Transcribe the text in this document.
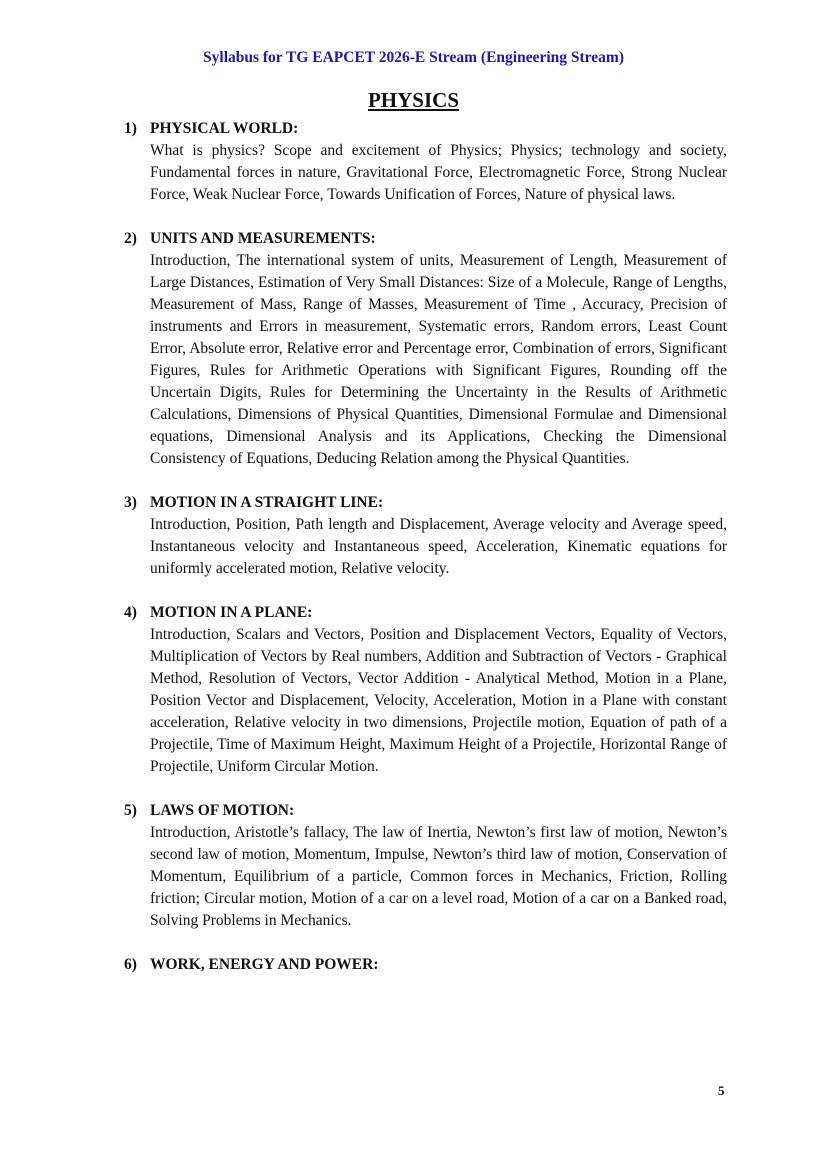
Syllabus for TG EAPCET 2026-E Stream (Engineering Stream)
PHYSICS
1) PHYSICAL WORLD:
What is physics? Scope and excitement of Physics; Physics; technology and society, Fundamental forces in nature, Gravitational Force, Electromagnetic Force, Strong Nuclear Force, Weak Nuclear Force, Towards Unification of Forces, Nature of physical laws.
2) UNITS AND MEASUREMENTS:
Introduction, The international system of units, Measurement of Length, Measurement of Large Distances, Estimation of Very Small Distances: Size of a Molecule, Range of Lengths, Measurement of Mass, Range of Masses, Measurement of Time , Accuracy, Precision of instruments and Errors in measurement, Systematic errors, Random errors, Least Count Error, Absolute error, Relative error and Percentage error, Combination of errors, Significant Figures, Rules for Arithmetic Operations with Significant Figures, Rounding off the Uncertain Digits, Rules for Determining the Uncertainty in the Results of Arithmetic Calculations, Dimensions of Physical Quantities, Dimensional Formulae and Dimensional equations, Dimensional Analysis and its Applications, Checking the Dimensional Consistency of Equations, Deducing Relation among the Physical Quantities.
3) MOTION IN A STRAIGHT LINE:
Introduction, Position, Path length and Displacement, Average velocity and Average speed, Instantaneous velocity and Instantaneous speed, Acceleration, Kinematic equations for uniformly accelerated motion, Relative velocity.
4) MOTION IN A PLANE:
Introduction, Scalars and Vectors, Position and Displacement Vectors, Equality of Vectors, Multiplication of Vectors by Real numbers, Addition and Subtraction of Vectors - Graphical Method, Resolution of Vectors, Vector Addition - Analytical Method, Motion in a Plane, Position Vector and Displacement, Velocity, Acceleration, Motion in a Plane with constant acceleration, Relative velocity in two dimensions, Projectile motion, Equation of path of a Projectile, Time of Maximum Height, Maximum Height of a Projectile, Horizontal Range of Projectile, Uniform Circular Motion.
5) LAWS OF MOTION:
Introduction, Aristotle’s fallacy, The law of Inertia, Newton’s first law of motion, Newton’s second law of motion, Momentum, Impulse, Newton’s third law of motion, Conservation of Momentum, Equilibrium of a particle, Common forces in Mechanics, Friction, Rolling friction; Circular motion, Motion of a car on a level road, Motion of a car on a Banked road, Solving Problems in Mechanics.
6) WORK, ENERGY AND POWER:
5
